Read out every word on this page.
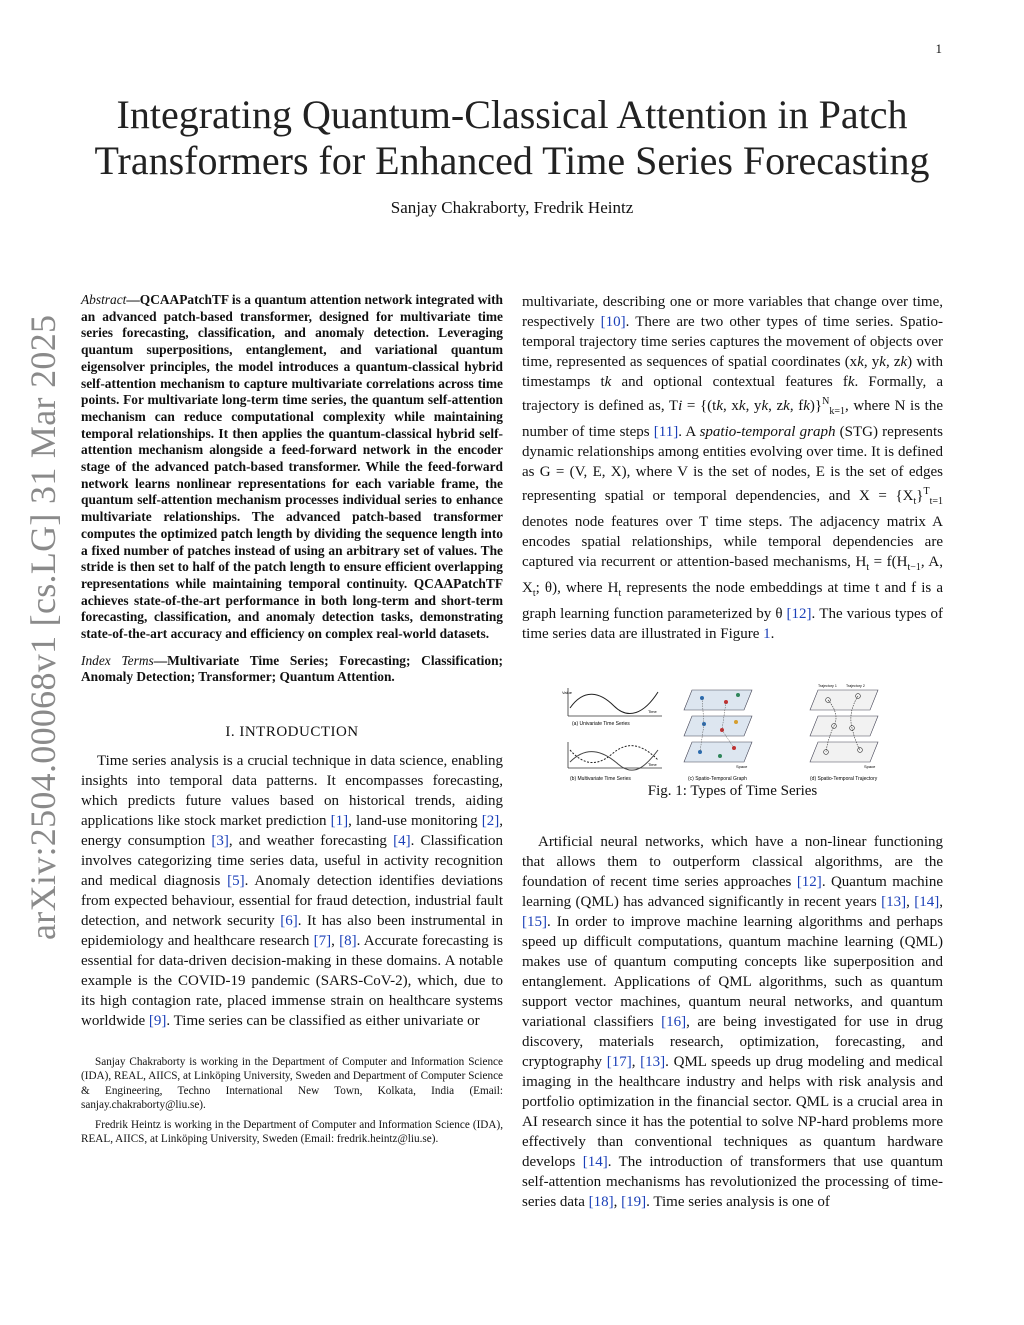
1
arXiv:2504.00068v1 [cs.LG] 31 Mar 2025
Integrating Quantum-Classical Attention in Patch
Transformers for Enhanced Time Series Forecasting
Sanjay Chakraborty, Fredrik Heintz

Abstract—QCAAPatchTF is a quantum attention network integrated with an advanced patch-based transformer, designed for multivariate time series forecasting, classification, and anomaly detection. Leveraging quantum superpositions, entanglement, and variational quantum eigensolver principles, the model introduces a quantum-classical hybrid self-attention mechanism to capture multivariate correlations across time points. For multivariate long-term time series, the quantum self-attention mechanism can reduce computational complexity while maintaining temporal relationships. It then applies the quantum-classical hybrid self-attention mechanism alongside a feed-forward network in the encoder stage of the advanced patch-based transformer. While the feed-forward network learns nonlinear representations for each variable frame, the quantum self-attention mechanism processes individual series to enhance multivariate relationships. The advanced patch-based transformer computes the optimized patch length by dividing the sequence length into a fixed number of patches instead of using an arbitrary set of values. The stride is then set to half of the patch length to ensure efficient overlapping representations while maintaining temporal continuity. QCAAPatchTF achieves state-of-the-art performance in both long-term and short-term forecasting, classification, and anomaly detection tasks, demonstrating state-of-the-art accuracy and efficiency on complex real-world datasets.

Index Terms—Multivariate Time Series; Forecasting; Classification; Anomaly Detection; Transformer; Quantum Attention.
I. INTRODUCTION

Time series analysis is a crucial technique in data science, enabling insights into temporal data patterns. It encompasses forecasting, which predicts future values based on historical trends, aiding applications like stock market prediction [1], land-use monitoring [2], energy consumption [3], and weather forecasting [4]. Classification involves categorizing time series data, useful in activity recognition and medical diagnosis [5]. Anomaly detection identifies deviations from expected behaviour, essential for fraud detection, industrial fault detection, and network security [6]. It has also been instrumental in epidemiology and healthcare research [7], [8]. Accurate forecasting is essential for data-driven decision-making in these domains. A notable example is the COVID-19 pandemic (SARS-CoV-2), which, due to its high contagion rate, placed immense strain on healthcare systems worldwide [9]. Time series can be classified as either univariate or

Sanjay Chakraborty is working in the Department of Computer and Information Science (IDA), REAL, AIICS, at Linköping University, Sweden and Department of Computer Science & Engineering, Techno International New Town, Kolkata, India (Email: sanjay.chakraborty@liu.se).

Fredrik Heintz is working in the Department of Computer and Information Science (IDA), REAL, AIICS, at Linköping University, Sweden (Email: fredrik.heintz@liu.se).

multivariate, describing one or more variables that change over time, respectively [10]. There are two other types of time series. Spatio-temporal trajectory time series captures the movement of objects over time, represented as sequences of spatial coordinates (xk, yk, zk) with timestamps tk and optional contextual features fk. Formally, a trajectory is defined as, Ti = {(tk, xk, yk, zk, fk)}$^N_{k=1}$, where N is the number of time steps [11]. A spatio-temporal graph (STG) represents dynamic relationships among entities evolving over time. It is defined as G = (V, E, X), where V is the set of nodes, E is the set of edges representing spatial or temporal dependencies, and $X = \{X_t\}^T_{t=1}$ denotes node features over T time steps. The adjacency matrix A encodes spatial relationships, while temporal dependencies are captured via recurrent or attention-based mechanisms, $H_t = f(H_{t-1}$, A, $X_t$; θ), where $H_t$ represents the node embeddings at time t and f is a graph learning function parameterized by θ [12]. The various types of time series data are illustrated in Figure 1.

Value
Time
(a) Univariate Time Series
Time
(b) Multivariate Time Series
Space
(c) Spatio-Temporal Graph
Trajectory 1	Trajectory 2
Space
(d) Spatio-Temporal Trajectory
Fig. 1: Types of Time Series

Artificial neural networks, which have a non-linear functioning that allows them to outperform classical algorithms, are the foundation of recent time series approaches [12]. Quantum machine learning (QML) has advanced significantly in recent years [13], [14], [15]. In order to improve machine learning algorithms and perhaps speed up difficult computations, quantum machine learning (QML) makes use of quantum computing concepts like superposition and entanglement. Applications of QML algorithms, such as quantum support vector machines, quantum neural networks, and quantum variational classifiers [16], are being investigated for use in drug discovery, materials research, optimization, forecasting, and cryptography [17], [13]. QML speeds up drug modeling and medical imaging in the healthcare industry and helps with risk analysis and portfolio optimization in the financial sector. QML is a crucial area in AI research since it has the potential to solve NP-hard problems more effectively than conventional techniques as quantum hardware develops [14]. The introduction of transformers that use quantum self-attention mechanisms has revolutionized the processing of time-series data [18], [19]. Time series analysis is one of
